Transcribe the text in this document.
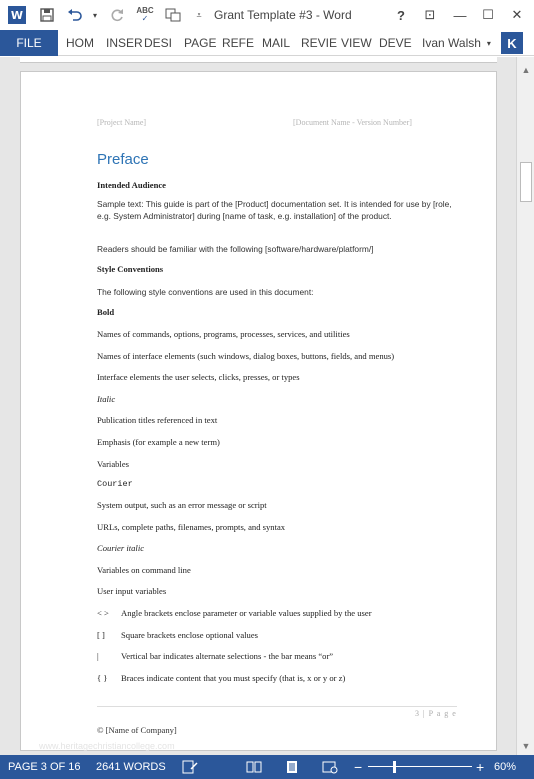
W	▾	ABC
✓	⩡	Grant Template #3 - Word	?	⊡	—	☐	✕
FILE	HOM INSER DESI PAGE REFE MAIL REVIE VIEW DEVE Ivan Walsh ▾	K
[Project Name]	[Document Name - Version Number]
Preface
Intended Audience
Sample text: This guide is part of the [Product] documentation set. It is intended for use by [role, e.g. System Administrator] during [name of task, e.g. installation] of the product.
Readers should be familiar with the following [software/hardware/platform/]
Style Conventions
The following style conventions are used in this document:
Bold
Names of commands, options, programs, processes, services, and utilities
Names of interface elements (such windows, dialog boxes, buttons, fields, and menus)
Interface elements the user selects, clicks, presses, or types
Italic
Publication titles referenced in text
Emphasis (for example a new term)
Variables
Courier
System output, such as an error message or script
URLs, complete paths, filenames, prompts, and syntax
Courier italic
Variables on command line
User input variables
< > Angle brackets enclose parameter or variable values supplied by the user
[ ] Square brackets enclose optional values
|	Vertical bar indicates alternate selections - the bar means “or”
{ } Braces indicate content that you must specify (that is, x or y or z)
3 | P a g e
© [Name of Company]
www.heritagechristiancollege.com
▲
▼
PAGE 3 OF 16 2641 WORDS	−	+ 60%
